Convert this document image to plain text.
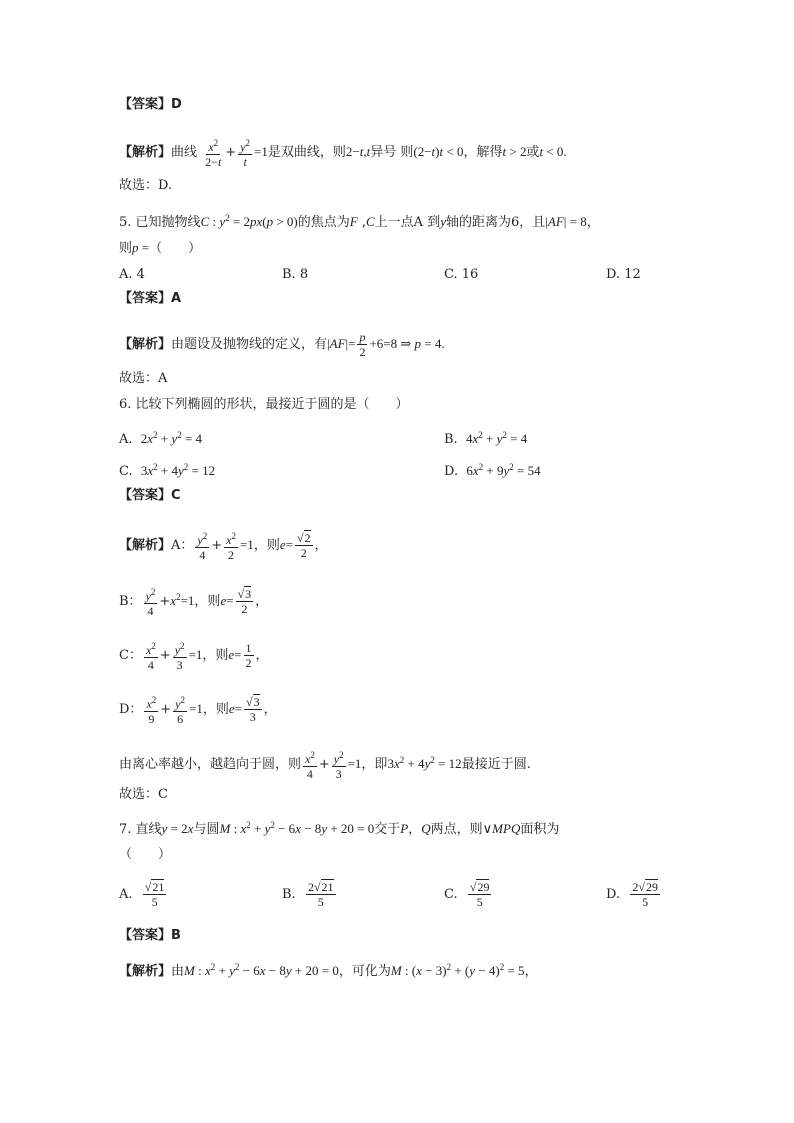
【答案】D
【解析】曲线 $\frac{x^2}{2-t} + \frac{y^2}{t} =1$是双曲线，则2−t,t异号 则(2−t)t < 0，解得t > 2或t < 0.
故选：D.
5. 已知抛物线C : $y^2 = 2px(p > 0)$的焦点为F ,C上一点A 到y轴的距离为6，且|AF| = 8，
则p =（　　）
A. 4	B. 8	C. 16	D. 12
【答案】A
【解析】由题设及抛物线的定义，有$|AF|= \frac{p}{2} +6=8$ ⇒ p = 4.
故选：A
6. 比较下列椭圆的形状，最接近于圆的是（　　）
A. $2x^2 + y^2 = 4$	B. $4x^2 + y^2 = 4$
C. $3x^2 + 4y^2 = 12$	D. $6x^2 + 9y^2 = 54$
【答案】C
【解析】A： $\frac{y^2}{4} + \frac{x^2}{2} =1$，则$e= \frac{√2}{2}$ ，
B： $\frac{y^2}{4} +x^2=1$，则$e= \frac{√3}{2}$ ，
C： $\frac{x^2}{4} + \frac{y^2}{3} =1$，则$e= \frac{1}{2}$ ，
D： $\frac{x^2}{9} + \frac{y^2}{6} =1$，则$e= \frac{√3}{3}$ ，
由离心率越小，越趋向于圆，则 $\frac{x^2}{4} + \frac{y^2}{3} =1$，即$3x^2 + 4y^2 = 12$最接近于圆.
故选：C
7. 直线y = 2x与圆M : $x^2 + y^2 - 6x - 8y + 20 = 0$交于P，Q两点，则∨MPQ面积为
（　　）
A. $\frac{√21}{5}$	B. $\frac{2√21}{5}$	C. $\frac{√29}{5}$	D. $\frac{2√29}{5}$
【答案】B
【解析】由M : $x^2 + y^2 - 6x - 8y + 20 = 0$，可化为M : $(x - 3)^2 + (y - 4)^2 = 5$，
